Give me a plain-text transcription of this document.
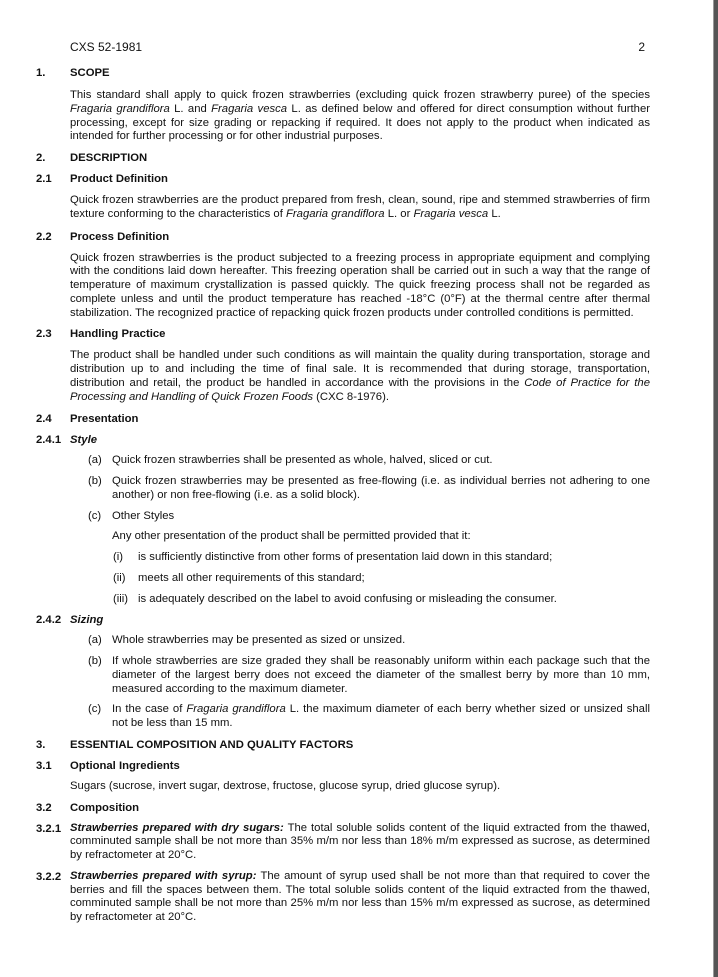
CXS 52-1981	2
1. SCOPE
This standard shall apply to quick frozen strawberries (excluding quick frozen strawberry puree) of the species Fragaria grandiflora L. and Fragaria vesca L. as defined below and offered for direct consumption without further processing, except for size grading or repacking if required. It does not apply to the product when indicated as intended for further processing or for other industrial purposes.
2. DESCRIPTION
2.1 Product Definition
Quick frozen strawberries are the product prepared from fresh, clean, sound, ripe and stemmed strawberries of firm texture conforming to the characteristics of Fragaria grandiflora L. or Fragaria vesca L.
2.2 Process Definition
Quick frozen strawberries is the product subjected to a freezing process in appropriate equipment and complying with the conditions laid down hereafter. This freezing operation shall be carried out in such a way that the range of temperature of maximum crystallization is passed quickly. The quick freezing process shall not be regarded as complete unless and until the product temperature has reached -18°C (0°F) at the thermal centre after thermal stabilization. The recognized practice of repacking quick frozen products under controlled conditions is permitted.
2.3 Handling Practice
The product shall be handled under such conditions as will maintain the quality during transportation, storage and distribution up to and including the time of final sale. It is recommended that during storage, transportation, distribution and retail, the product be handled in accordance with the provisions in the Code of Practice for the Processing and Handling of Quick Frozen Foods (CXC 8-1976).
2.4 Presentation
2.4.1 Style
(a) Quick frozen strawberries shall be presented as whole, halved, sliced or cut.
(b) Quick frozen strawberries may be presented as free-flowing (i.e. as individual berries not adhering to one another) or non free-flowing (i.e. as a solid block).
(c) Other Styles
Any other presentation of the product shall be permitted provided that it:
(i) is sufficiently distinctive from other forms of presentation laid down in this standard;
(ii) meets all other requirements of this standard;
(iii) is adequately described on the label to avoid confusing or misleading the consumer.
2.4.2 Sizing
(a) Whole strawberries may be presented as sized or unsized.
(b) If whole strawberries are size graded they shall be reasonably uniform within each package such that the diameter of the largest berry does not exceed the diameter of the smallest berry by more than 10 mm, measured according to the maximum diameter.
(c) In the case of Fragaria grandiflora L. the maximum diameter of each berry whether sized or unsized shall not be less than 15 mm.
3. ESSENTIAL COMPOSITION AND QUALITY FACTORS
3.1 Optional Ingredients
Sugars (sucrose, invert sugar, dextrose, fructose, glucose syrup, dried glucose syrup).
3.2 Composition
3.2.1 Strawberries prepared with dry sugars: The total soluble solids content of the liquid extracted from the thawed, comminuted sample shall be not more than 35% m/m nor less than 18% m/m expressed as sucrose, as determined by refractometer at 20°C.
3.2.2 Strawberries prepared with syrup: The amount of syrup used shall be not more than that required to cover the berries and fill the spaces between them. The total soluble solids content of the liquid extracted from the thawed, comminuted sample shall be not more than 25% m/m nor less than 15% m/m expressed as sucrose, as determined by refractometer at 20°C.
